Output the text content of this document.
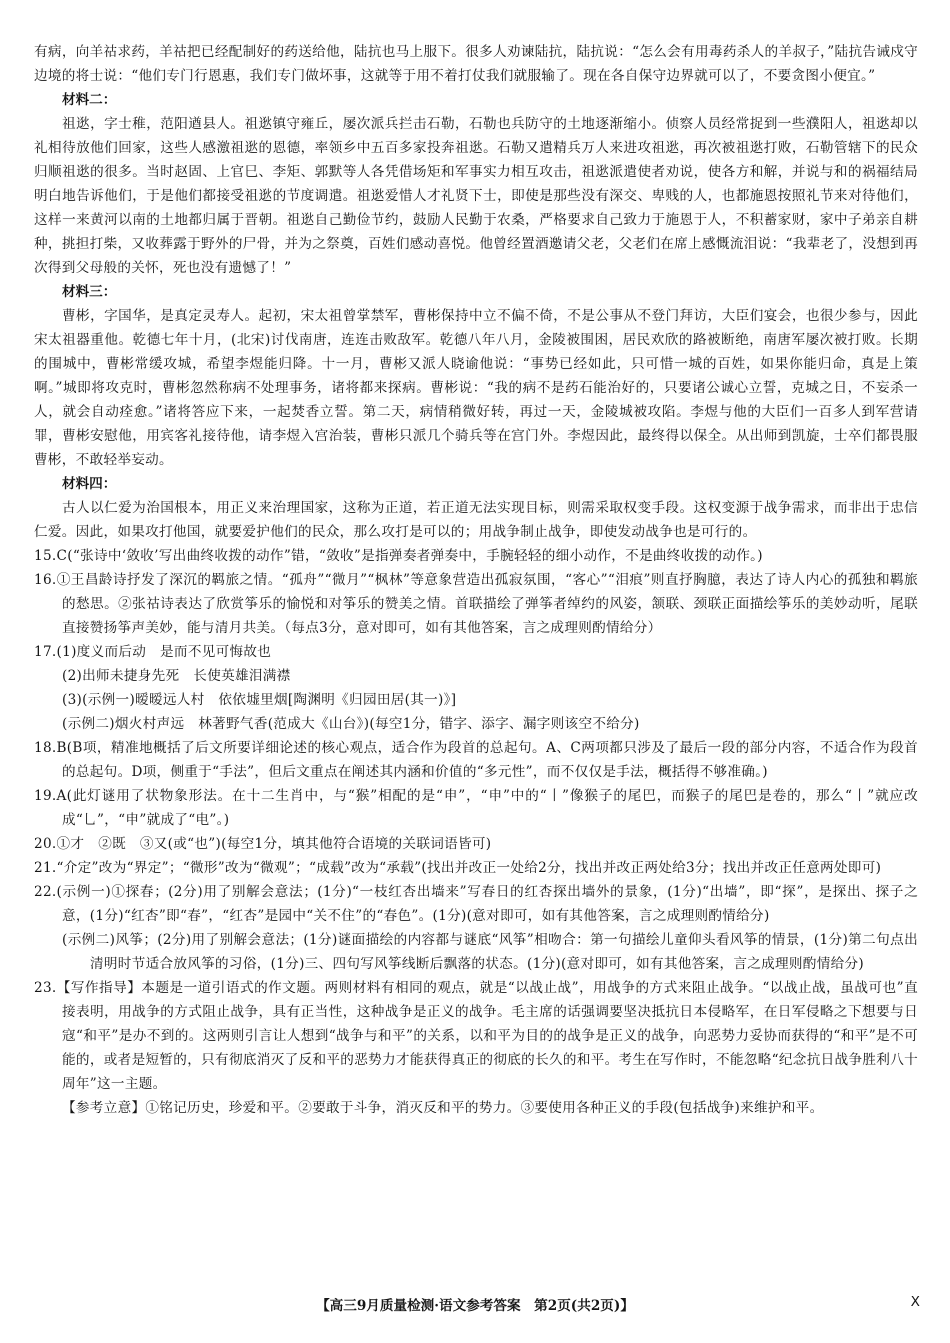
有病，向羊祜求药，羊祜把已经配制好的药送给他，陆抗也马上服下。很多人劝谏陆抗，陆抗说：“怎么会有用毒药杀人的羊叔子，”陆抗告诫戍守边境的将士说：“他们专门行恩惠，我们专门做坏事，这就等于用不着打仗我们就服输了。现在各自保守边界就可以了，不要贪图小便宜。”

材料二：

祖逖，字士稚，范阳遒县人。祖逖镇守雍丘，屡次派兵拦击石勒，石勒也兵防守的土地逐渐缩小。侦察人员经常捉到一些濮阳人，祖逖却以礼相待放他们回家，这些人感激祖逖的恩德，率领乡中五百多家投奔祖逖。石勒又遣精兵万人来进攻祖逖，再次被祖逖打败，石勒管辖下的民众归顺祖逖的很多。当时赵固、上官巳、李矩、郭默等人各凭借场矩和军事实力相互攻击，祖逖派遣使者劝说，使各方和解，并说与和的祸福结局明白地告诉他们，于是他们都接受祖逖的节度调遣。祖逖爱惜人才礼贤下士，即使是那些没有深交、卑贱的人，也都施恩按照礼节来对待他们，这样一来黄河以南的土地都归属于晋朝。祖逖自己勤俭节约，鼓励人民勤于农桑，严格要求自己致力于施恩于人，不积蓄家财，家中子弟亲自耕种，挑担打柴，又收葬露于野外的尸骨，并为之祭奠，百姓们感动喜悦。他曾经置酒邀请父老，父老们在席上感慨流泪说：“我辈老了，没想到再次得到父母般的关怀，死也没有遗憾了！”

材料三：

曹彬，字国华，是真定灵寿人。起初，宋太祖曾掌禁军，曹彬保持中立不偏不倚，不是公事从不登门拜访，大臣们宴会，也很少参与，因此宋太祖器重他。乾德七年十月，(北宋)讨伐南唐，连连击败敌军。乾德八年八月，金陵被围困，居民欢欣的路被断绝，南唐军屡次被打败。长期的围城中，曹彬常缓攻城，希望李煜能归降。十一月，曹彬又派人晓谕他说：“事势已经如此，只可惜一城的百姓，如果你能归命，真是上策啊。”城即将攻克时，曹彬忽然称病不处理事务，诸将都来探病。曹彬说：“我的病不是药石能治好的，只要诸公诚心立誓，克城之日，不妄杀一人，就会自动痊愈。”诸将答应下来，一起焚香立誓。第二天，病情稍微好转，再过一天，金陵城被攻陷。李煜与他的大臣们一百多人到军营请罪，曹彬安慰他，用宾客礼接待他，请李煜入宫治装，曹彬只派几个骑兵等在宫门外。李煜因此，最终得以保全。从出师到凯旋，士卒们都畏服曹彬，不敢轻举妄动。

材料四：

古人以仁爱为治国根本，用正义来治理国家，这称为正道，若正道无法实现目标，则需采取权变手段。这权变源于战争需求，而非出于忠信仁爱。因此，如果攻打他国，就要爱护他们的民众，那么攻打是可以的；用战争制止战争，即使发动战争也是可行的。

15.C(“张诗中‘敛收’写出曲终收拨的动作”错，“敛收”是指弹奏者弹奏中，手腕轻轻的细小动作，不是曲终收拨的动作。)

16.①王昌龄诗抒发了深沉的羁旅之情。“孤舟”“微月”“枫林”等意象营造出孤寂氛围，“客心”“泪痕”则直抒胸臆，表达了诗人内心的孤独和羁旅的愁思。②张祜诗表达了欣赏筝乐的愉悦和对筝乐的赞美之情。首联描绘了弹筝者绰约的风姿，颔联、颈联正面描绘筝乐的美妙动听，尾联直接赞扬筝声美妙，能与清月共美。（每点3分，意对即可，如有其他答案，言之成理则酌情给分）

17.(1)度义而后动　是而不见可悔故也

(2)出师未捷身先死　长使英雄泪满襟

(3)(示例一)暧暧远人村　依依墟里烟[陶渊明《归园田居(其一)》]

(示例二)烟火村声远　林著野气香(范成大《山台》)(每空1分，错字、添字、漏字则该空不给分)

18.B(B项，精准地概括了后文所要详细论述的核心观点，适合作为段首的总起句。A、C两项都只涉及了最后一段的部分内容，不适合作为段首的总起句。D项，侧重于“手法”，但后文重点在阐述其内涵和价值的“多元性”，而不仅仅是手法，概括得不够准确。)

19.A(此灯谜用了状物象形法。在十二生肖中，与“猴”相配的是“申”，“申”中的“丨”像猴子的尾巴，而猴子的尾巴是卷的，那么“丨”就应改成“乚”，“申”就成了“电”。)

20.①才　②既　③又(或“也”)(每空1分，填其他符合语境的关联词语皆可)

21.“介定”改为“界定”；“微形”改为“微观”；“成载”改为“承载”(找出并改正一处给2分，找出并改正两处给3分；找出并改正任意两处即可)

22.(示例一)①探春；(2分)用了别解会意法；(1分)“一枝红杏出墙来”写春日的红杏探出墙外的景象，(1分)“出墙”，即“探”，是探出、探子之意，(1分)“红杏”即“春”，“红杏”是园中“关不住”的“春色”。(1分)(意对即可，如有其他答案，言之成理则酌情给分)

(示例二)风筝；(2分)用了别解会意法；(1分)谜面描绘的内容都与谜底“风筝”相吻合：第一句描绘儿童仰头看风筝的情景，(1分)第二句点出清明时节适合放风筝的习俗，(1分)三、四句写风筝线断后飘落的状态。(1分)(意对即可，如有其他答案，言之成理则酌情给分)

23.【写作指导】本题是一道引语式的作文题。两则材料有相同的观点，就是“以战止战”，用战争的方式来阻止战争。“以战止战，虽战可也”直接表明，用战争的方式阻止战争，具有正当性，这种战争是正义的战争。毛主席的话强调要坚决抵抗日本侵略军，在日军侵略之下想要与日寇“和平”是办不到的。这两则引言让人想到“战争与和平”的关系，以和平为目的的战争是正义的战争，向恶势力妥协而获得的“和平”是不可能的，或者是短暂的，只有彻底消灭了反和平的恶势力才能获得真正的彻底的长久的和平。考生在写作时，不能忽略“纪念抗日战争胜利八十周年”这一主题。

【参考立意】①铭记历史，珍爱和平。②要敢于斗争，消灭反和平的势力。③要使用各种正义的手段(包括战争)来维护和平。

【高三9月质量检测·语文参考答案　第2页(共2页)】	X
